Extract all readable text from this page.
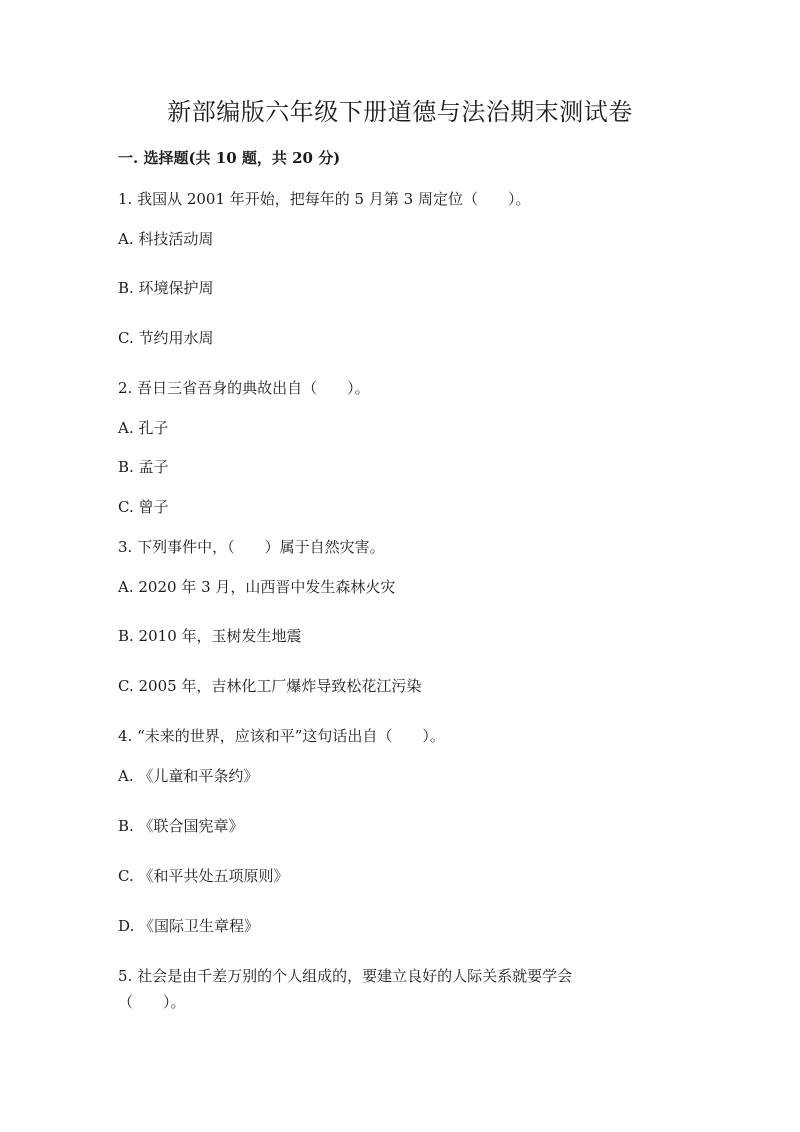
新部编版六年级下册道德与法治期末测试卷

一. 选择题(共 10 题，共 20 分)

1. 我国从 2001 年开始，把每年的 5 月第 3 周定位（　　）。

A. 科技活动周

B. 环境保护周

C. 节约用水周

2. 吾日三省吾身的典故出自（　　）。

A. 孔子

B. 孟子

C. 曾子

3. 下列事件中，（　　）属于自然灾害。

A. 2020 年 3 月，山西晋中发生森林火灾

B. 2010 年，玉树发生地震

C. 2005 年，吉林化工厂爆炸导致松花江污染

4. “未来的世界，应该和平”这句话出自（　　）。

A. 《儿童和平条约》

B. 《联合国宪章》

C. 《和平共处五项原则》

D. 《国际卫生章程》

5. 社会是由千差万别的个人组成的，要建立良好的人际关系就要学会（　　）。
